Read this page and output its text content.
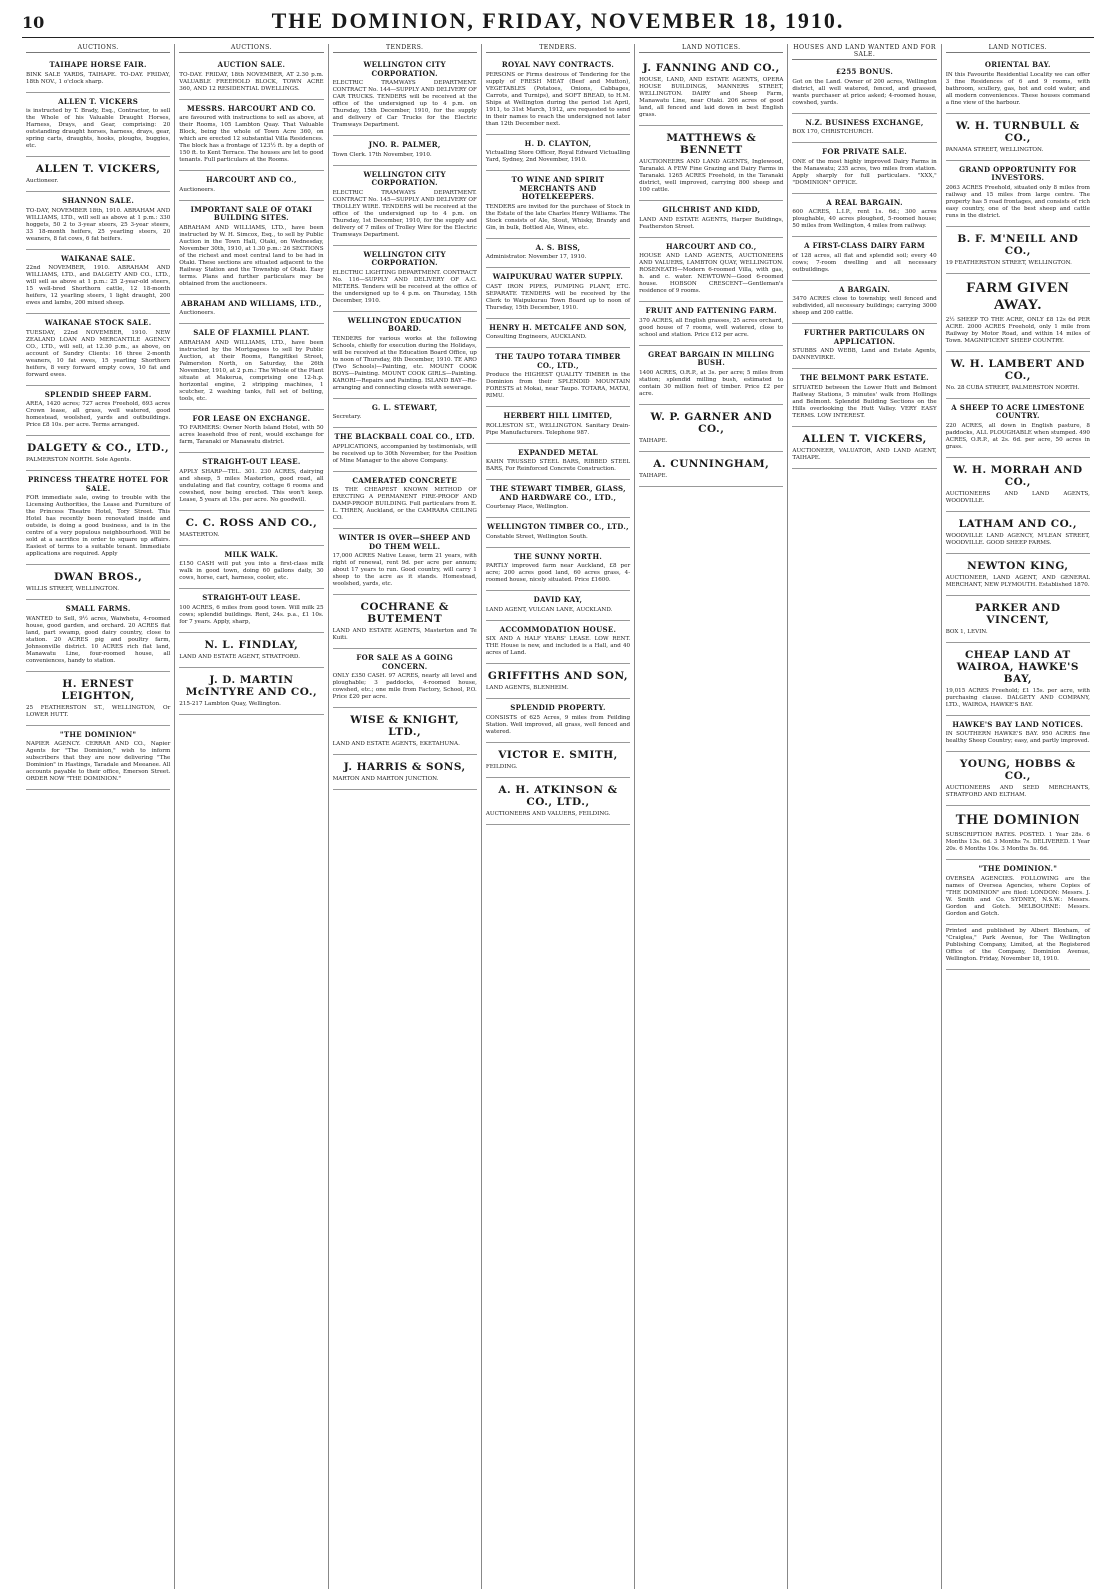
10	THE DOMINION, FRIDAY, NOVEMBER 18, 1910.
AUCTIONS.
TAIHAPE HORSE FAIR.

BINK SALE YARDS, TAIHAPE. TO-DAY. FRIDAY, 18th NOV., 1 o'clock sharp.

ALLEN T. VICKERS

is instructed by T. Brady, Esq., Contractor, to sell the Whole of his Valuable Draught Horses, Harness, Drays, and Gear, comprising: 20 outstanding draught horses, harness, drays, gear, spring carts, draughts, hooks, ploughs, buggies, etc.

ALLEN T. VICKERS,

Auctioneer.

SHANNON SALE.

TO-DAY, NOVEMBER 18th, 1910. ABRAHAM AND WILLIAMS, LTD., will sell as above at 1 p.m.: 330 hoggets, 50 2 to 3-year steers, 25 3-year steers, 33 18-month heifers, 25 yearling steers, 20 weaners, 8 fat cows, 6 fat heifers.

WAIKANAE SALE.

22nd NOVEMBER, 1910. ABRAHAM AND WILLIAMS, LTD., and DALGETY AND CO., LTD., will sell as above at 1 p.m.: 25 2-year-old steers, 15 well-bred Shorthorn cattle, 12 18-month heifers, 12 yearling steers, 1 light draught, 200 ewes and lambs, 200 mixed sheep.

WAIKANAE STOCK SALE.

TUESDAY, 22nd NOVEMBER, 1910. NEW ZEALAND LOAN AND MERCANTILE AGENCY CO., LTD., will sell, at 12.30 p.m., as above, on account of Sundry Clients: 16 three 2-month weaners, 10 fat ewes, 15 yearling Shorthorn heifers, 8 very forward empty cows, 10 fat and forward ewes.

SPLENDID SHEEP FARM.

AREA, 1420 acres; 727 acres Freehold, 693 acres Crown lease, all grass, well watered, good homestead, woolshed, yards and outbuildings. Price £8 10s. per acre. Terms arranged.

DALGETY & CO., LTD.,

PALMERSTON NORTH. Sole Agents.

PRINCESS THEATRE HOTEL FOR SALE.

FOR immediate sale, owing to trouble with the Licensing Authorities, the Lease and Furniture of the Princess Theatre Hotel, Tory Street. This Hotel has recently been renovated inside and outside, is doing a good business, and is in the centre of a very populous neighbourhood. Will be sold at a sacrifice in order to square up affairs. Easiest of terms to a suitable tenant. Immediate applications are required. Apply

DWAN BROS.,

WILLIS STREET, WELLINGTON.

SMALL FARMS.

WANTED to Sell, 9½ acres, Waiwhetu, 4-roomed house, good garden, and orchard. 20 ACRES flat land, part swamp, good dairy country, close to station. 20 ACRES pig and poultry farm, Johnsonville district. 10 ACRES rich flat land, Manawatu Line, four-roomed house, all conveniences, handy to station.

H. ERNEST LEIGHTON,

25 FEATHERSTON ST., WELLINGTON, Or LOWER HUTT.

"THE DOMINION"

NAPIER AGENCY. CERRAR AND CO., Napier Agents for "The Dominion," wish to inform subscribers that they are now delivering "The Dominion" in Hastings, Taradale and Meeanee. All accounts payable to their office, Emerson Street. ORDER NOW "THE DOMINION."

AUCTIONS.
AUCTION SALE.

TO-DAY. FRIDAY, 18th NOVEMBER, AT 2.30 p.m. VALUABLE FREEHOLD BLOCK, TOWN ACRE 360, AND 12 RESIDENTIAL DWELLINGS.

MESSRS. HARCOURT AND CO.

are favoured with instructions to sell as above, at their Rooms, 105 Lambton Quay. That Valuable Block, being the whole of Town Acre 360, on which are erected 12 substantial Villa Residences. The block has a frontage of 123½ ft. by a depth of 150 ft. to Kent Terrace. The houses are let to good tenants. Full particulars at the Rooms.

HARCOURT AND CO.,

Auctioneers.

IMPORTANT SALE OF OTAKI BUILDING SITES.

ABRAHAM AND WILLIAMS, LTD., have been instructed by W. H. Simcox, Esq., to sell by Public Auction in the Town Hall, Otaki, on Wednesday, November 30th, 1910, at 1.30 p.m.: 26 SECTIONS of the richest and most central land to be had in Otaki. These sections are situated adjacent to the Railway Station and the Township of Otaki. Easy terms. Plans and further particulars may be obtained from the auctioneers.

ABRAHAM AND WILLIAMS, LTD.,

Auctioneers.

SALE OF FLAXMILL PLANT.

ABRAHAM AND WILLIAMS, LTD., have been instructed by the Mortgagees to sell by Public Auction, at their Rooms, Rangitikei Street, Palmerston North, on Saturday, the 26th November, 1910, at 2 p.m.: The Whole of the Plant situate at Makerua, comprising one 12-h.p. horizontal engine, 2 stripping machines, 1 scutcher, 2 washing tanks, full set of belting, tools, etc.

FOR LEASE ON EXCHANGE.

TO FARMERS: Owner North Island Hotel, with 50 acres leasehold free of rent, would exchange for farm, Taranaki or Manawatu district.

STRAIGHT-OUT LEASE.

APPLY SHARP—TEL. 301. 230 ACRES, dairying and sheep, 5 miles Masterton, good road, all undulating and flat country, cottage 6 rooms and cowshed, now being erected. This won't keep. Lease, 5 years at 15s. per acre. No goodwill.

C. C. ROSS AND CO.,

MASTERTON.

MILK WALK.

£150 CASH will put you into a first-class milk walk in good town, doing 60 gallons daily, 30 cows, horse, cart, harness, cooler, etc.

STRAIGHT-OUT LEASE.

100 ACRES, 6 miles from good town. Will milk 25 cows; splendid buildings. Rent, 24s. p.a., £1 10s. for 7 years. Apply, sharp,

N. L. FINDLAY,

LAND AND ESTATE AGENT, STRATFORD.

J. D. MARTIN McINTYRE AND CO.,

215-217 Lambton Quay, Wellington.

TENDERS.
WELLINGTON CITY CORPORATION.

ELECTRIC TRAMWAYS DEPARTMENT. CONTRACT No. 144—SUPPLY AND DELIVERY OF CAR TRUCKS. TENDERS will be received at the office of the undersigned up to 4 p.m. on Thursday, 15th December, 1910, for the supply and delivery of Car Trucks for the Electric Tramways Department.

JNO. R. PALMER,

Town Clerk. 17th November, 1910.

WELLINGTON CITY CORPORATION.

ELECTRIC TRAMWAYS DEPARTMENT. CONTRACT No. 145—SUPPLY AND DELIVERY OF TROLLEY WIRE. TENDERS will be received at the office of the undersigned up to 4 p.m. on Thursday, 1st December, 1910, for the supply and delivery of 7 miles of Trolley Wire for the Electric Tramways Department.

WELLINGTON CITY CORPORATION.

ELECTRIC LIGHTING DEPARTMENT. CONTRACT No. 116—SUPPLY AND DELIVERY OF A.C. METERS. Tenders will be received at the office of the undersigned up to 4 p.m. on Thursday, 15th December, 1910.

WELLINGTON EDUCATION BOARD.

TENDERS for various works at the following Schools, chiefly for execution during the Holidays, will be received at the Education Board Office, up to noon of Thursday, 8th December, 1910. TE ARO (Two Schools)—Painting, etc. MOUNT COOK BOYS—Painting. MOUNT COOK GIRLS—Painting. KARORI—Repairs and Painting. ISLAND BAY—Re-arranging and connecting closets with sewerage.

G. L. STEWART,

Secretary.

THE BLACKBALL COAL CO., LTD.

APPLICATIONS, accompanied by testimonials, will be received up to 30th November, for the Position of Mine Manager to the above Company.

CAMERATED CONCRETE

IS THE CHEAPEST KNOWN METHOD OF ERECTING A PERMANENT FIRE-PROOF AND DAMP-PROOF BUILDING. Full particulars from E. L. THREN, Auckland, or the CAMRARA CEILING CO.

WINTER IS OVER—SHEEP AND DO THEM WELL.

17,000 ACRES Native Lease, term 21 years, with right of renewal, rent 9d. per acre per annum; about 17 years to run. Good country, will carry 1 sheep to the acre as it stands. Homestead, woolshed, yards, etc.

COCHRANE & BUTEMENT

LAND AND ESTATE AGENTS, Masterton and Te Kuiti.

FOR SALE AS A GOING CONCERN.

ONLY £350 CASH. 97 ACRES, nearly all level and ploughable; 3 paddocks, 4-roomed house, cowshed, etc.; one mile from Factory, School, P.O. Price £20 per acre.

WISE & KNIGHT, LTD.,

LAND AND ESTATE AGENTS, EKETAHUNA.

J. HARRIS & SONS,

MARTON AND MARTON JUNCTION.

TENDERS.
ROYAL NAVY CONTRACTS.

PERSONS or Firms desirous of Tendering for the supply of FRESH MEAT (Beef and Mutton), VEGETABLES (Potatoes, Onions, Cabbages, Carrots, and Turnips), and SOFT BREAD, to H.M. Ships at Wellington during the period 1st April, 1911, to 31st March, 1912, are requested to send in their names to reach the undersigned not later than 12th December next.

H. D. CLAYTON,

Victualling Store Officer, Royal Edward Victualling Yard, Sydney, 2nd November, 1910.

TO WINE AND SPIRIT MERCHANTS AND HOTELKEEPERS.

TENDERS are invited for the purchase of Stock in the Estate of the late Charles Henry Williams. The Stock consists of Ale, Stout, Whisky, Brandy and Gin, in bulk, Bottled Ale, Wines, etc.

A. S. BISS,

Administrator. November 17, 1910.

WAIPUKURAU WATER SUPPLY.

CAST IRON PIPES, PUMPING PLANT, ETC. SEPARATE TENDERS will be received by the Clerk to Waipukurau Town Board up to noon of Thursday, 15th December, 1910.

HENRY H. METCALFE AND SON,

Consulting Engineers, AUCKLAND.

THE TAUPO TOTARA TIMBER CO., LTD.,

Produce the HIGHEST QUALITY TIMBER in the Dominion from their SPLENDID MOUNTAIN FORESTS at Mokai, near Taupo. TOTARA, MATAI, RIMU.

HERBERT HILL LIMITED,

ROLLESTON ST., WELLINGTON. Sanitary Drain-Pipe Manufacturers. Telephone 987.

EXPANDED METAL

KAHN TRUSSED STEEL BARS, RIBBED STEEL BARS, For Reinforced Concrete Construction.

THE STEWART TIMBER, GLASS, AND HARDWARE CO., LTD.,

Courtenay Place, Wellington.

WELLINGTON TIMBER CO., LTD.,

Constable Street, Wellington South.

THE SUNNY NORTH.

PARTLY improved farm near Auckland, £8 per acre; 200 acres good land, 60 acres grass, 4-roomed house, nicely situated. Price £1600.

DAVID KAY,

LAND AGENT, VULCAN LANE, AUCKLAND.

ACCOMMODATION HOUSE.

SIX AND A HALF YEARS' LEASE. LOW RENT. THE House is new, and included is a Hall, and 40 acres of Land.

GRIFFITHS AND SON,

LAND AGENTS, BLENHEIM.

SPLENDID PROPERTY.

CONSISTS of 625 Acres, 9 miles from Feilding Station. Well improved, all grass, well fenced and watered.

VICTOR E. SMITH,

FEILDING.

A. H. ATKINSON & CO., LTD.,

AUCTIONEERS AND VALUERS, FEILDING.

LAND NOTICES.
J. FANNING AND CO.,

HOUSE, LAND, AND ESTATE AGENTS, OPERA HOUSE BUILDINGS, MANNERS STREET, WELLINGTON. DAIRY and Sheep Farm, Manawatu Line, near Otaki. 206 acres of good land, all fenced and laid down in best English grass.

MATTHEWS & BENNETT

AUCTIONEERS AND LAND AGENTS, Inglewood, Taranaki. A FEW Fine Grazing and Dairy Farms in Taranaki. 1265 ACRES Freehold, in the Taranaki district, well improved, carrying 800 sheep and 100 cattle.

GILCHRIST AND KIDD,

LAND AND ESTATE AGENTS, Harper Buildings, Featherston Street.

HARCOURT AND CO.,

HOUSE AND LAND AGENTS, AUCTIONEERS AND VALUERS, LAMBTON QUAY, WELLINGTON. ROSENEATH—Modern 6-roomed Villa, with gas, h. and c. water. NEWTOWN—Good 6-roomed house. HOBSON CRESCENT—Gentleman's residence of 9 rooms.

FRUIT AND FATTENING FARM.

370 ACRES, all English grasses, 25 acres orchard, good house of 7 rooms, well watered, close to school and station. Price £12 per acre.

GREAT BARGAIN IN MILLING BUSH.

1400 ACRES, O.R.P., at 3s. per acre; 5 miles from station; splendid milling bush, estimated to contain 30 million feet of timber. Price £2 per acre.

W. P. GARNER AND CO.,

TAIHAPE.

A. CUNNINGHAM,

TAIHAPE.

HOUSES AND LAND WANTED AND FOR SALE.
£255 BONUS.

Got on the Land. Owner of 200 acres, Wellington district, all well watered, fenced, and grassed, wants purchaser at price asked; 4-roomed house, cowshed, yards.

N.Z. BUSINESS EXCHANGE,

BOX 170, CHRISTCHURCH.

FOR PRIVATE SALE.

ONE of the most highly improved Dairy Farms in the Manawatu; 235 acres, two miles from station. Apply sharply for full particulars. "XXX," "DOMINION" OFFICE.

A REAL BARGAIN.

600 ACRES, L.I.P., rent 1s. 6d.; 300 acres ploughable, 40 acres ploughed, 5-roomed house; 50 miles from Wellington, 4 miles from railway.

A FIRST-CLASS DAIRY FARM

of 128 acres, all flat and splendid soil; every 40 cows; 7-room dwelling and all necessary outbuildings.

A BARGAIN.

3470 ACRES close to township; well fenced and subdivided, all necessary buildings; carrying 3000 sheep and 200 cattle.

FURTHER PARTICULARS ON APPLICATION.

STUBBS AND WEBB, Land and Estate Agents, DANNEVIRKE.

THE BELMONT PARK ESTATE.

SITUATED between the Lower Hutt and Belmont Railway Stations, 5 minutes' walk from Hollings and Belmont. Splendid Building Sections on the Hills overlooking the Hutt Valley. VERY EASY TERMS. LOW INTEREST.

ALLEN T. VICKERS,

AUCTIONEER, VALUATOR, AND LAND AGENT, TAIHAPE.

LAND NOTICES.
ORIENTAL BAY.

IN this Favourite Residential Locality we can offer 3 fine Residences of 6 and 9 rooms, with bathroom, scullery, gas, hot and cold water, and all modern conveniences. These houses command a fine view of the harbour.

W. H. TURNBULL & CO.,

PANAMA STREET, WELLINGTON.

GRAND OPPORTUNITY FOR INVESTORS.

2063 ACRES Freehold, situated only 8 miles from railway and 15 miles from large centre. The property has 5 road frontages, and consists of rich easy country, one of the best sheep and cattle runs in the district.

B. F. M'NEILL AND CO.,

19 FEATHERSTON STREET, WELLINGTON.

FARM GIVEN AWAY.

2½ SHEEP TO THE ACRE, ONLY £8 12s 6d PER ACRE. 2000 ACRES Freehold, only 1 mile from Railway by Motor Road, and within 14 miles of Town. MAGNIFICENT SHEEP COUNTRY.

W. H. LAMBERT AND CO.,

No. 28 CUBA STREET, PALMERSTON NORTH.

A SHEEP TO ACRE LIMESTONE COUNTRY.

220 ACRES, all down in English pasture, 8 paddocks, ALL PLOUGHABLE when stumped. 490 ACRES, O.R.P., at 2s. 6d. per acre, 50 acres in grass.

W. H. MORRAH AND CO.,

AUCTIONEERS AND LAND AGENTS, WOODVILLE.

LATHAM AND CO.,

WOODVILLE LAND AGENCY, M'LEAN STREET, WOODVILLE. GOOD SHEEP FARMS.

NEWTON KING,

AUCTIONEER, LAND AGENT, AND GENERAL MERCHANT, NEW PLYMOUTH. Established 1870.

PARKER AND VINCENT,

BOX 1, LEVIN.

CHEAP LAND AT WAIROA, HAWKE'S BAY,

19,015 ACRES Freehold; £1 15s. per acre, with purchasing clause. DALGETY AND COMPANY, LTD., WAIROA, HAWKE'S BAY.

HAWKE'S BAY LAND NOTICES.

IN SOUTHERN HAWKE'S BAY. 950 ACRES fine healthy Sheep Country; easy, and partly improved.

YOUNG, HOBBS & CO.,

AUCTIONEERS AND SEED MERCHANTS, STRATFORD AND ELTHAM.

THE DOMINION

SUBSCRIPTION RATES. POSTED. 1 Year 28s. 6 Months 13s. 6d. 3 Months 7s. DELIVERED. 1 Year 20s. 6 Months 10s. 3 Months 5s. 6d.

"THE DOMINION."

OVERSEA AGENCIES. FOLLOWING are the names of Oversea Agencies, where Copies of "THE DOMINION" are filed: LONDON: Messrs. J. W. Smith and Co. SYDNEY, N.S.W.: Messrs. Gordon and Gotch. MELBOURNE: Messrs. Gordon and Gotch.

Printed and published by Albert Bloxham, of "Craiglea," Park Avenue, for The Wellington Publishing Company, Limited, at the Registered Office of the Company, Dominion Avenue, Wellington. Friday, November 18, 1910.
